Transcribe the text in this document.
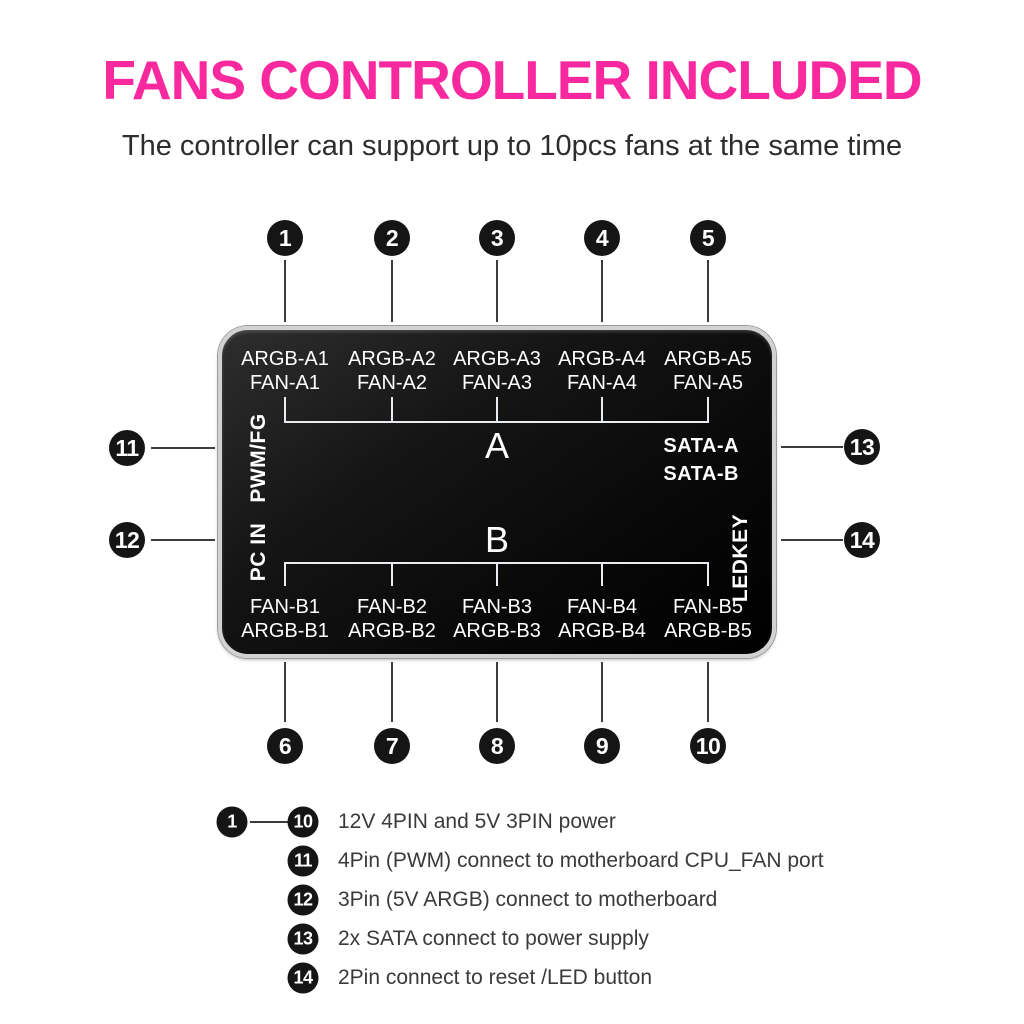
FANS CONTROLLER INCLUDED
The controller can support up to 10pcs fans at the same time
1	2	3	4	5
ARGB-A1
FAN-A1
ARGB-A2
FAN-A2
ARGB-A3
FAN-A3
ARGB-A4
FAN-A4
ARGB-A5
FAN-A5
A	SATA-A
SATA-B
LEDKEY
PWM/FG
PC IN	B
FAN-B1
ARGB-B1
FAN-B2
ARGB-B2
FAN-B3
ARGB-B3
FAN-B4
ARGB-B4
FAN-B5
ARGB-B5
6	7	8	9	10
11
12
13
14
1	10 12V 4PIN and 5V 3PIN power
11	4Pin (PWM) connect to motherboard CPU_FAN port
12 3Pin (5V ARGB) connect to motherboard
13 2x SATA connect to power supply
14 2Pin connect to reset /LED button
